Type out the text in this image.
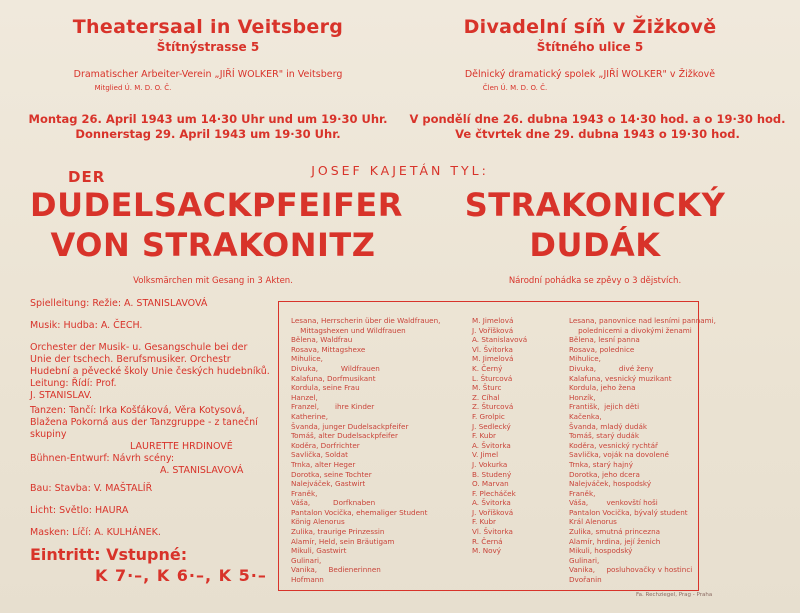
Theatersaal in Veitsberg
Štítnýstrasse 5
Dramatischer Arbeiter-Verein „JIŘÍ WOLKER" in Veitsberg
Mitglied Ú. M. D. O. Č.
Divadelní síň v Žižkově
Štítného ulice 5
Dělnický dramatický spolek „JIŘÍ WOLKER" v Žižkově
Člen Ú. M. D. O. Č.
Montag 26. April 1943 um 14·30 Uhr und um 19·30 Uhr.
Donnerstag 29. April 1943 um 19·30 Uhr.
V pondělí dne 26. dubna 1943 o 14·30 hod. a o 19·30 hod.
Ve čtvrtek dne 29. dubna 1943 o 19·30 hod.
JOSEF KAJETÁN TYL:
DER
DUDELSACKPFEIFER
VON STRAKONITZ
Volksmärchen mit Gesang in 3 Akten.
STRAKONICKÝ
DUDÁK
Národní pohádka se zpěvy o 3 dějstvích.
Spielleitung: Režie: A. STANISLAVOVÁ
Musik: Hudba: A. ČECH.
Orchester der Musik- u. Gesangschule bei der Unie der tschech. Berufsmusiker. Orchestr Hudební a pěvecké školy Unie českých hudebníků. Leitung: Řídí: Prof.
J. STANISLAV.
Tanzen: Tančí: Irka Košťáková, Věra Kotysová, Blažena Pokorná aus der Tanzgruppe - z taneční skupiny
LAURETTE HRDINOVÉ
Bühnen-Entwurf: Návrh scény:
A. STANISLAVOVÁ
Bau: Stavba: V. MAŠTALÍŘ
Licht: Světlo: HAURA
Masken: Líčí: A. KULHÁNEK.
Eintritt: Vstupné:
K 7·–, K 6·–, K 5·–
Lesana, Herrscherin über die Waldfrauen,
Mittagshexen und Wildfrauen
Bělena, Waldfrau
Rosava, Mittagshexe
Mihulice,
Divuka,          Wildfrauen
Kalafuna, Dorfmusikant
Kordula, seine Frau
Hanzel,
Franzel,       ihre Kinder
Katherine,
Švanda, junger Dudelsackpfeifer
Tomáš, alter Dudelsackpfeifer
Koděra, Dorfrichter
Savlička, Soldat
Trnka, alter Heger
Dorotka, seine Tochter
Nalejváček, Gastwirt
Franěk,
Váša,          Dorfknaben
Pantalon Vocička, ehemaliger Student
König Alenorus
Zulika, traurige Prinzessin
Alamír, Held, sein Bräutigam
Mikuli, Gastwirt
Gulinari,
Vanika,     Bedienerinnen
Hofmann
M. Jimelová
J. Voříšková
A. Stanislavová
Vl. Švitorka
M. Jimelová
K. Černý
L. Šturcová
M. Šturc
Z. Cíhal
Z. Šturcová
F. Grolpic
J. Sedlecký
F. Kubr
A. Švitorka
V. Jimel
J. Vokurka
B. Studený
O. Marvan
F. Plecháček
A. Švitorka
J. Voříšková
F. Kubr
Vl. Švitorka
R. Černá
M. Nový
Lesana, panovnice nad lesními pannami,
polednicemi a divokými ženami
Bělena, lesní panna
Rosava, polednice
Mihulice,
Divuka,          divé ženy
Kalafuna, vesnický muzikant
Kordula, jeho žena
Honzík,
Františk,  jejich děti
Kačenka,
Švanda, mladý dudák
Tomáš, starý dudák
Koděra, vesnický rychtář
Savlička, voják na dovolené
Trnka, starý hajný
Dorotka, jeho dcera
Nalejváček, hospodský
Franěk,
Váša,        venkovští hoši
Pantalon Vocička, bývalý student
Král Alenorus
Zulika, smutná princezna
Alamír, hrdina, její ženich
Mikuli, hospodský
Gulinari,
Vanika,     posluhovačky v hostinci
Dvořanin
Fa. Rechziegel, Prag - Praha
